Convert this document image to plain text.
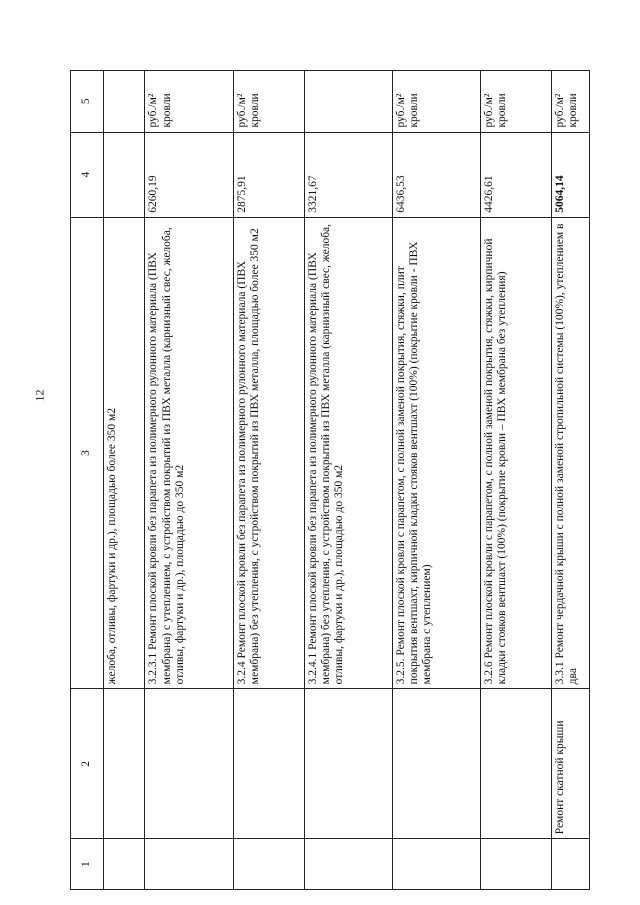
12
1	2	3	4	5
		желоба, отливы, фартуки и др.), площадью более 350 м2		
		3.2.3.1 Ремонт плоской кровли без парапета из полимерного рулонного материала (ПВХ мембрана) с утеплением, с устройством покрытий из ПВХ металла (карнизный свес, желоба, отливы, фартуки и др.), площадью до 350 м2	6260,19	руб./м² кровли
		3.2.4 Ремонт плоской кровли без парапета из полимерного рулонного материала (ПВХ мембрана) без утепления, с устройством покрытий из ПВХ металла, площадью более 350 м2	2875,91	руб./м² кровли
		3.2.4.1 Ремонт плоской кровли без парапета из полимерного рулонного материала (ПВХ мембрана) без утепления, с устройством покрытий из ПВХ металла (карнизный свес, желоба, отливы, фартуки и др.), площадью до 350 м2	3321,67	
		3.2.5. Ремонт плоской кровли с парапетом, с полной заменой покрытия, стяжки, плит покрытия вентшахт, кирпичной кладки стояков вентшахт (100%) (покрытие кровли - ПВХ мембрана с утеплением)	6436,53	руб./м² кровли
		3.2.6 Ремонт плоской кровли с парапетом, с полной заменой покрытия, стяжки, кирпичной кладки стояков вентшахт (100%) (покрытие кровли – ПВХ мембрана без утепления)	4426,61	руб./м² кровли
	Ремонт скатной крыши	3.3.1 Ремонт чердачной крыши с полной заменой стропильной системы (100%), утеплением в два	5064,14	руб./м² кровли
